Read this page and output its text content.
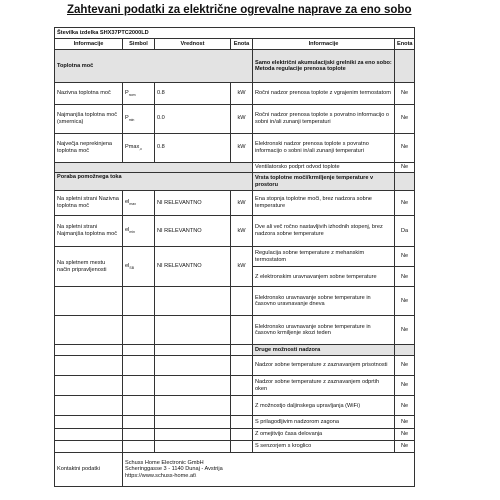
Zahtevani podatki za električne ogrevalne naprave za eno sobo
Številka izdelka SHX37PTC2000LD					
Informacije	Simbol	Vrednost	Enota	Informacije	Enota
Toplotna moč				Samo električni akumulacijski grelniki za eno sobo: Metoda regulacije prenosa toplote	
Nazivna toplotna moč	$P_{nom}$	0.8	kW	Ročni nadzor prenosa toplote z vgrajenim termostatom	Ne
Najmanjša toplotna moč (smernica)	$P_{min}$	0.0	kW	Ročni nadzor prenosa toplote s povratno informacijo o sobni in/ali zunanji temperaturi	Ne
Največja neprekinjena toplotna moč	Pmax$_{,c}$	0.8	kW	Elektronski nadzor prenosa toplote s povratno informacijo o sobni in/ali zunanji temperaturi	Ne
				Ventilatorsko podprt odvod toplote	Ne
Poraba pomožnega toka				Vrsta toplotne moči/krmiljenje temperature v prostoru	
Na spletni strani Nazivna toplotna moč	$el_{max}$	NI RELEVANTNO	kW	Ena stopnja toplotne moči, brez nadzora sobne temperature	Ne
Na spletni strani Najmanjša toplotna moč	$el_{min}$	NI RELEVANTNO	kW	Dve ali več ročno nastavljivih izhodnih stopenj, brez nadzora sobne temperature	Da
Na spletnem mestu način pripravljenosti	$el_{SB}$	NI RELEVANTNO	kW	Regulacija sobne temperature z mehanskim termostatom	Ne
				Z elektronskim uravnavanjem sobne temperature	Ne
				Elektronsko uravnavanje sobne temperature in časovno uravnavanje dneva	Ne
				Elektronsko uravnavanje sobne temperature in časovno krmiljenje skozi teden	Ne
				Druge možnosti nadzora	
				Nadzor sobne temperature z zaznavanjem prisotnosti	Ne
				Nadzor sobne temperature z zaznavanjem odprtih oken	Ne
				Z možnostjo daljinskega upravljanja (WiFi)	Ne
				S prilagodljivim nadzorom zagona	Ne
				Z omejitvijo časa delovanja	Ne
				S senzorjem s kroglico	Ne
Kontaktni podatki	Schuss Home Electronic GmbH
Scheringgasse 3 - 1140 Dunaj - Avstrija
https://www.schuss-home.at\				
